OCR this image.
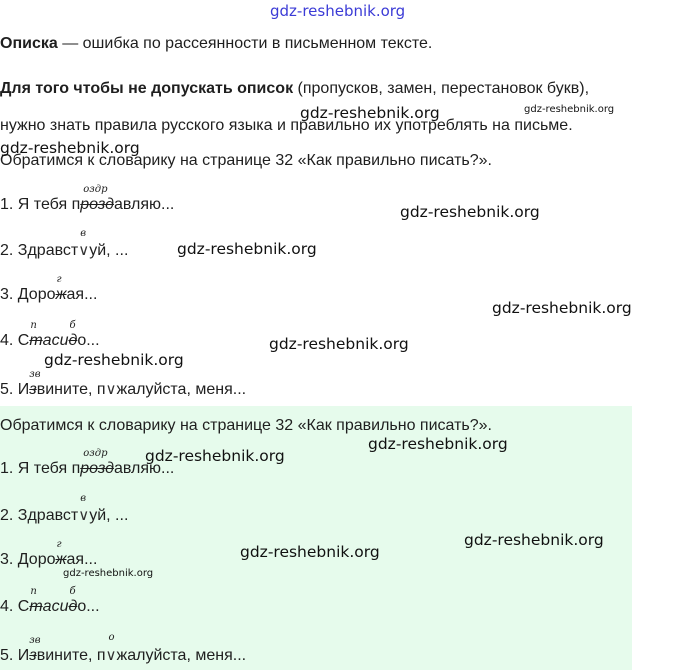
gdz-reshebnik.org
Описка — ошибка по рассеянности в письменном тексте.
Для того чтобы не допускать описок (пропусков, замен, перестановок букв),
нужно знать правила русского языка и правильно их употреблять на письме.
Обратимся к словарику на странице 32 «Как правильно писать?».
1. Я тебя прозд
оздр
авляю...
2. Здравст∨
в
уй, ...
3. Дорож
г
ая...
4. Ст
п
асид
б
о...
5. Из
зв
вините, п∨жалуйста, меня...
Обратимся к словарику на странице 32 «Как правильно писать?».
1. Я тебя прозд
оздр
авляю...
2. Здравст∨
в
уй, ...
3. Дорож
г
ая...
4. Ст
п
асид
б
о...
5. Из
зв
вините, п∨
о
жалуйста, меня...
gdz-reshebnik.org	gdz-reshebnik.org
gdz-reshebnik.org
gdz-reshebnik.org
gdz-reshebnik.org
gdz-reshebnik.org
gdz-reshebnik.org
gdz-reshebnik.org
gdz-reshebnik.org
gdz-reshebnik.org
gdz-reshebnik.org
gdz-reshebnik.org
gdz-reshebnik.org
